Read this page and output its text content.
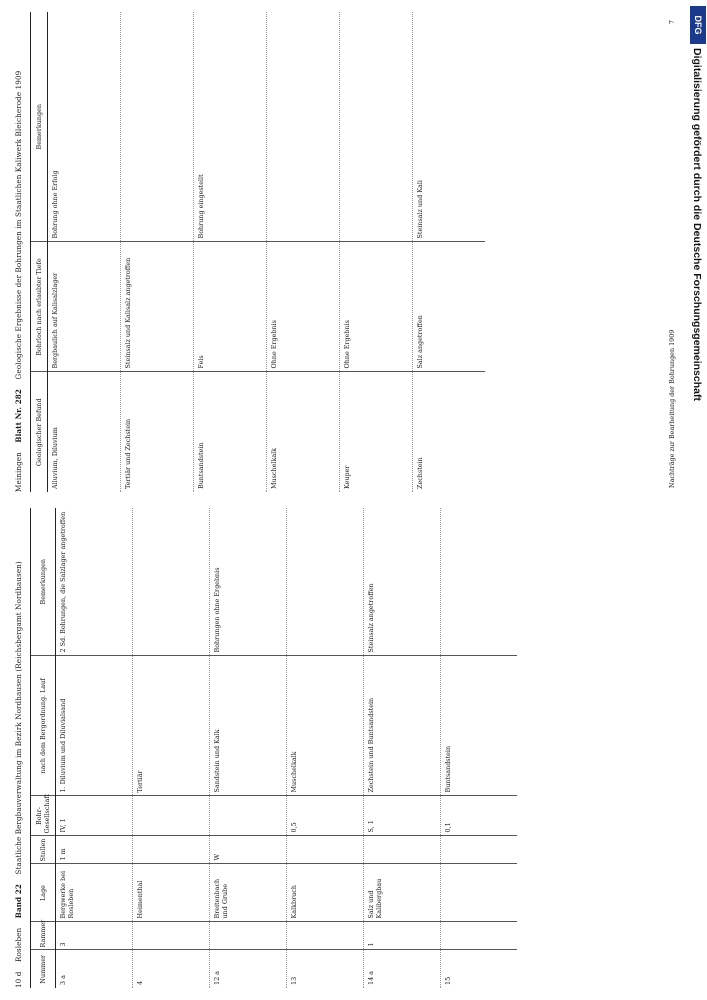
10 d    Rosleben    Band 22    Staatliche Bergbauverwaltung im Bezirk Nordhausen (Reichsbergamt Nordhausen)
Nummer	Rammer	Lage	Stollen	Bohr-Gesellschaft	nach dem Bergordnung. Lauf	Bemerkungen
3 a	3	Bergwerke bei Rosleben	1 m	IV, 1	1. Diluvium und Diluvialsand	2 Sd. Bohrungen, die Salzlager angetroffen
4		Heimenthal			Tertiär	
12 a		Breitenbach und Grube	W		Sandstein und Kalk	Bohrungen ohne Ergebnis
13		Kalkbruch		0,5	Muschelkalk	
14 a	1	Salz und Kalibergbau		S, 1	Zechstein und Buntsandstein	Steinsalz angetroffen
15				0,1	Buntsandstein	
Meiningen    Blatt Nr. 282    Geologische Ergebnisse der Bohrungen im Staatlichen Kaliwerk Bleicherode 1909
Geologischer Befund	Bohrloch nach erlaubter Tiefe	Bemerkungen
Alluvium, Diluvium	Bergbaulich auf Kalisalzlager	Bohrung ohne Erfolg
Tertiär und Zechstein	Steinsalz und Kalisalz angetroffen	
Buntsandstein	Fels	Bohrung eingestellt
Muschelkalk	Ohne Ergebnis	
Keuper	Ohne Ergebnis	
Zechstein	Salz angetroffen	Steinsalz und Kali
Nachträge zur Bearbeitung der Bohrungen 1909
7 DFG
Digitalisierung gefördert durch die Deutsche Forschungsgemeinschaft
